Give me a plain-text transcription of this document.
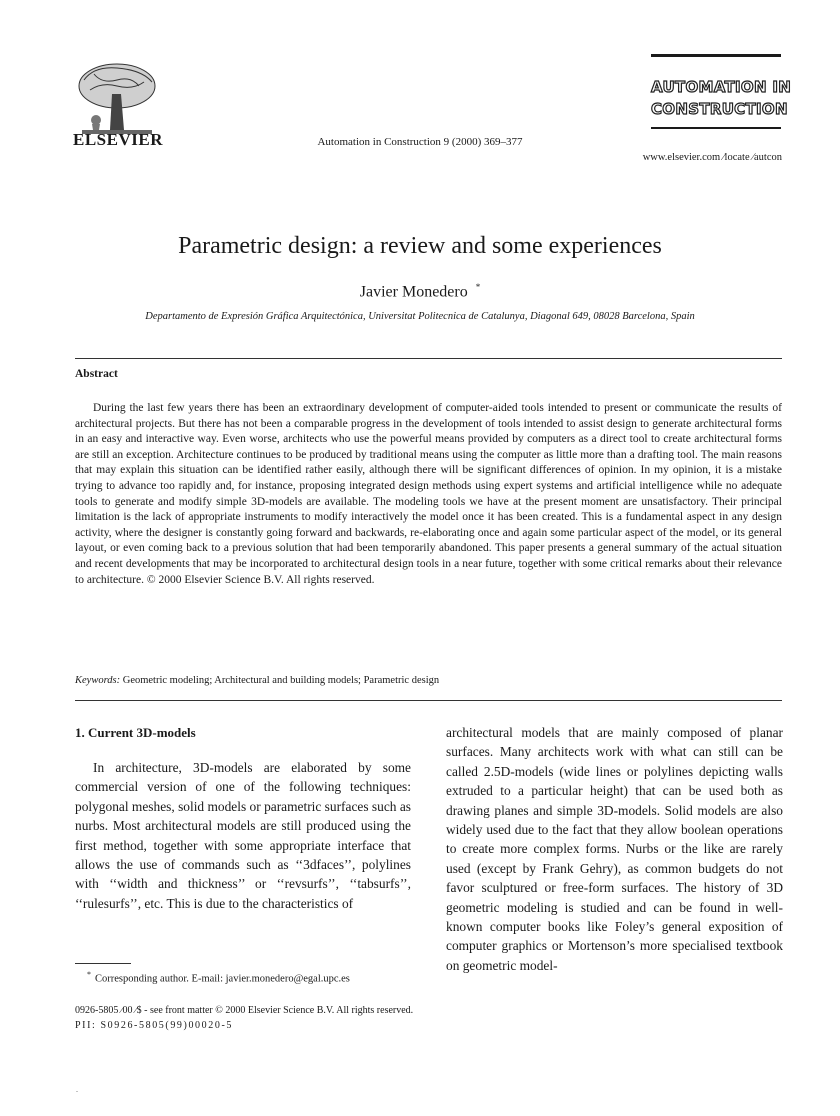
ELSEVIER	Automation in Construction 9 (2000) 369–377
AUTOMATION IN
CONSTRUCTION
www.elsevier.com ∕locate ∕autcon
Parametric design: a review and some experiences
Javier Monedero *
Departamento de Expresión Gráfica Arquitectónica, Universitat Politecnica de Catalunya, Diagonal 649, 08028 Barcelona, Spain
Abstract
During the last few years there has been an extraordinary development of computer-aided tools intended to present or communicate the results of architectural projects. But there has not been a comparable progress in the development of tools intended to assist design to generate architectural forms in an easy and interactive way. Even worse, architects who use the powerful means provided by computers as a direct tool to create architectural forms are still an exception. Architecture continues to be produced by traditional means using the computer as little more than a drafting tool. The main reasons that may explain this situation can be identified rather easily, although there will be significant differences of opinion. In my opinion, it is a mistake trying to advance too rapidly and, for instance, proposing integrated design methods using expert systems and artificial intelligence while no adequate tools to generate and modify simple 3D-models are available. The modeling tools we have at the present moment are unsatisfactory. Their principal limitation is the lack of appropriate instruments to modify interactively the model once it has been created. This is a fundamental aspect in any design activity, where the designer is constantly going forward and backwards, re-elaborating once and again some particular aspect of the model, or its general layout, or even coming back to a previous solution that had been temporarily abandoned. This paper presents a general summary of the actual situation and recent developments that may be incorporated to architectural design tools in a near future, together with some critical remarks about their relevance to architecture. © 2000 Elsevier Science B.V. All rights reserved.
Keywords: Geometric modeling; Architectural and building models; Parametric design
1. Current 3D-models

In architecture, 3D-models are elaborated by some commercial version of one of the following techniques: polygonal meshes, solid models or parametric surfaces such as nurbs. Most architectural models are still produced using the first method, together with some appropriate interface that allows the use of commands such as ‘‘3dfaces’’, polylines with ‘‘width and thickness’’ or ‘‘revsurfs’’, ‘‘tabsurfs’’, ‘‘rulesurfs’’, etc. This is due to the characteristics of

architectural models that are mainly composed of planar surfaces. Many architects work with what can still can be called 2.5D-models (wide lines or polylines depicting walls extruded to a particular height) that can be used both as drawing planes and simple 3D-models. Solid models are also widely used due to the fact that they allow boolean operations to create more complex forms. Nurbs or the like are rarely used (except by Frank Gehry), as common budgets do not favor sculptured or free-form surfaces. The history of 3D geometric modeling is studied and can be found in well-known computer books like Foley’s general exposition of computer graphics or Mortenson’s more specialised textbook on geometric model-

* Corresponding author. E-mail: javier.monedero@egal.upc.es
0926-5805 ∕00 ∕$ - see front matter © 2000 Elsevier Science B.V. All rights reserved.
PII: S0926-5805(99)00020-5
.
